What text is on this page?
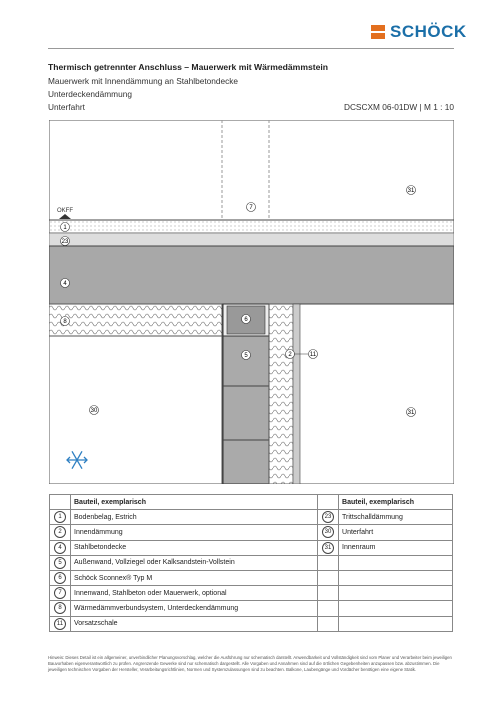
SCHÖCK
Thermisch getrennter Anschluss – Mauerwerk mit Wärmedämmstein
Mauerwerk mit Innendämmung an Stahlbetondecke
Unterdeckendämmung
Unterfahrt	DCSCXM 06-01DW | M 1 : 10
OKFF
1
23
4
8	6
5	2	11
7
31
31
30
	Bauteil, exemplarisch		Bauteil, exemplarisch
1	Bodenbelag, Estrich	23	Trittschalldämmung
2	Innendämmung	30	Unterfahrt
4	Stahlbetondecke	31	Innenraum
5	Außenwand, Vollziegel oder Kalksandstein-Vollstein		
6	Schöck Sconnex® Typ M		
7	Innenwand, Stahlbeton oder Mauerwerk, optional		
8	Wärmedämmverbundsystem, Unterdeckendämmung		
11	Vorsatzschale		
Hinweis: Dieses Detail ist ein allgemeiner, unverbindlicher Planungsvorschlag, welcher die Ausführung nur schematisch darstellt. Anwendbarkeit und Vollständigkeit sind vom Planer und Verarbeiter beim jeweiligen Bauvorhaben eigenverantwortlich zu prüfen. Angrenzende Gewerke sind nur schematisch dargestellt. Alle Vorgaben und Annahmen sind auf die örtlichen Gegebenheiten anzupassen bzw. abzustimmen. Die jeweiligen technischen Vorgaben der Hersteller, Verarbeitungsrichtlinien, Normen und Systemzulassungen sind zu beachten. Balkone, Laubengänge und Vordächer benötigen eine eigene Statik.
